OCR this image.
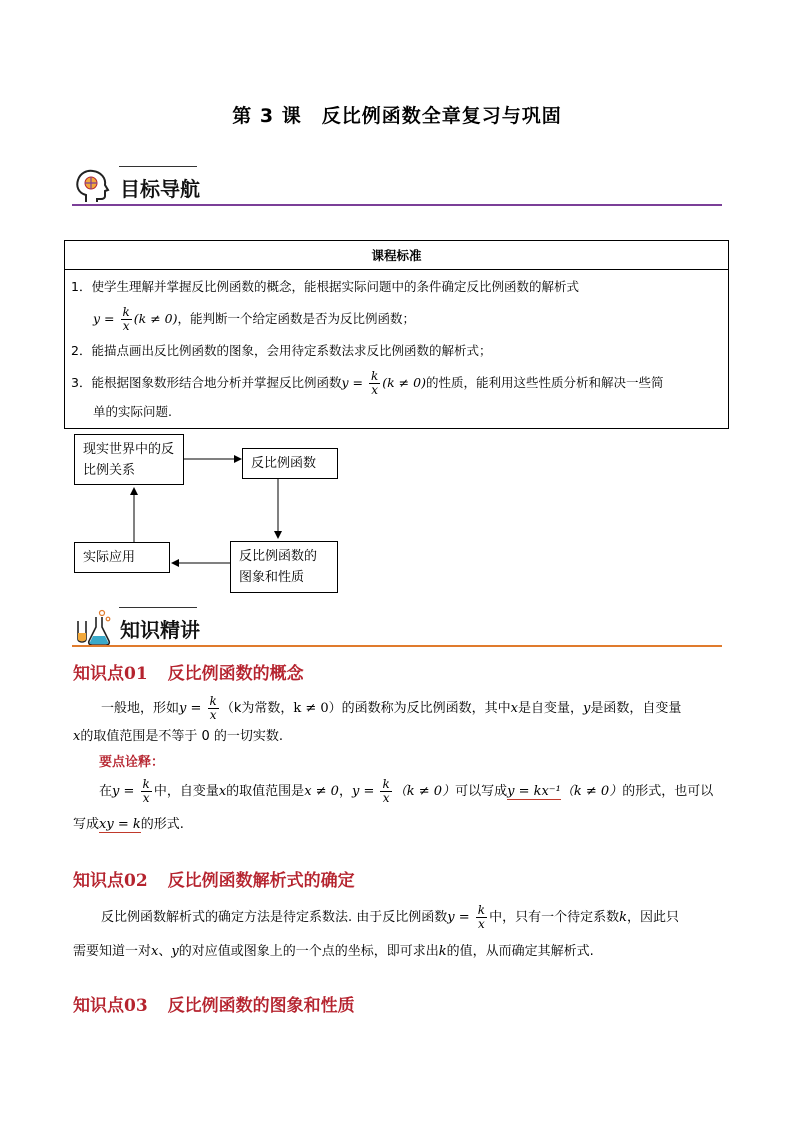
第 3 课　反比例函数全章复习与巩固
目标导航
课程标准

1．使学生理解并掌握反比例函数的概念，能根据实际问题中的条件确定反比例函数的解析式
$y = \frac{k}{x} (k \ne 0)$，能判断一个给定函数是否为反比例函数；
2．能描点画出反比例函数的图象，会用待定系数法求反比例函数的解析式；
3．能根据图象数形结合地分析并掌握反比例函数$y = \frac{k}{x} (k \ne 0)$的性质，能利用这些性质分析和解决一些简
单的实际问题.
现实世界中的反比例关系	反比例函数
反比例函数的图象和性质
实际应用
知识精讲
知识点01 反比例函数的概念
一般地，形如$y = \frac{k}{x} (k$为常数，k ≠ 0）的函数称为反比例函数，其中x是自变量，y是函数，自变量
x的取值范围是不等于 0 的一切实数.
要点诠释：
在$y = \frac{k}{x}$ 中，自变量x的取值范围是x ≠ 0，$y = \frac{k}{x} (k \ne 0)$可以写成y = kx⁻¹（k ≠ 0）的形式，也可以
写成xy = k的形式.
知识点02 反比例函数解析式的确定
反比例函数解析式的确定方法是待定系数法. 由于反比例函数$y = \frac{k}{x}$ 中，只有一个待定系数k，因此只
需要知道一对x、y的对应值或图象上的一个点的坐标，即可求出k的值，从而确定其解析式.
知识点03 反比例函数的图象和性质
